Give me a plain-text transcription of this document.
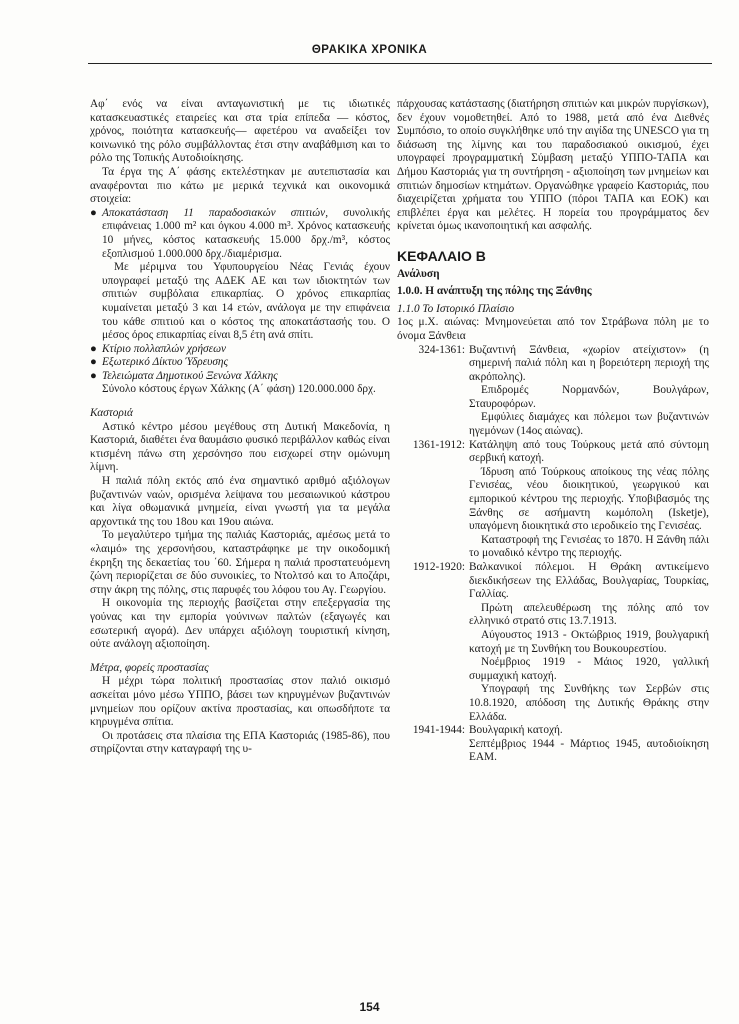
ΘΡΑΚΙΚΑ ΧΡΟΝΙΚΑ

Αφ΄ ενός να είναι ανταγωνιστική με τις ιδιωτικές κατασκευαστικές εταιρείες και στα τρία επίπεδα — κόστος, χρόνος, ποιότητα κατασκευής— αφετέρου να αναδείξει τον κοινωνικό της ρόλο συμβάλλοντας έτσι στην αναβάθμιση και το ρόλο της Τοπικής Αυτοδιοίκησης.

Τα έργα της Α΄ φάσης εκτελέστηκαν με αυτεπιστασία και αναφέρονται πιο κάτω με μερικά τεχνικά και οικονομικά στοιχεία:

● Αποκατάσταση 11 παραδοσιακών σπιτιών, συνολικής επιφάνειας 1.000 m² και όγκου 4.000 m³. Χρόνος κατασκευής 10 μήνες, κόστος κατασκευής 15.000 δρχ./m³, κόστος εξοπλισμού 1.000.000 δρχ./διαμέρισμα.

Με μέριμνα του Υφυπουργείου Νέας Γενιάς έχουν υπογραφεί μεταξύ της ΑΔΕΚ ΑΕ και των ιδιοκτητών των σπιτιών συμβόλαια επικαρπίας. Ο χρόνος επικαρπίας κυμαίνεται μεταξύ 3 και 14 ετών, ανάλογα με την επιφάνεια του κάθε σπιτιού και ο κόστος της αποκατάστασής του. Ο μέσος όρος επικαρπίας είναι 8,5 έτη ανά σπίτι.

● Κτίριο πολλαπλών χρήσεων

● Εξωτερικό Δίκτυο Ύδρευσης

● Τελειώματα Δημοτικού Ξενώνα Χάλκης

Σύνολο κόστους έργων Χάλκης (Α΄ φάση) 120.000.000 δρχ.

Καστοριά

Αστικό κέντρο μέσου μεγέθους στη Δυτική Μακεδονία, η Καστοριά, διαθέτει ένα θαυμάσιο φυσικό περιβάλλον καθώς είναι κτισμένη πάνω στη χερσόνησο που εισχωρεί στην ομώνυμη λίμνη.

Η παλιά πόλη εκτός από ένα σημαντικό αριθμό αξιόλογων βυζαντινών ναών, ορισμένα λείψανα του μεσαιωνικού κάστρου και λίγα οθωμανικά μνημεία, είναι γνωστή για τα μεγάλα αρχοντικά της του 18ου και 19ου αιώνα.

Το μεγαλύτερο τμήμα της παλιάς Καστοριάς, αμέσως μετά το «λαιμό» της χερσονήσου, καταστράφηκε με την οικοδομική έκρηξη της δεκαετίας του ΄60. Σήμερα η παλιά προστατευόμενη ζώνη περιορίζεται σε δύο συνοικίες, το Ντολτσό και το Αποζάρι, στην άκρη της πόλης, στις παρυφές του λόφου του Αγ. Γεωργίου.

Η οικονομία της περιοχής βασίζεται στην επεξεργασία της γούνας και την εμπορία γούνινων παλτών (εξαγωγές και εσωτερική αγορά). Δεν υπάρχει αξιόλογη τουριστική κίνηση, ούτε ανάλογη αξιοποίηση.

Μέτρα, φορείς προστασίας

Η μέχρι τώρα πολιτική προστασίας στον παλιό οικισμό ασκείται μόνο μέσω ΥΠΠΟ, βάσει των κηρυγμένων βυζαντινών μνημείων που ορίζουν ακτίνα προστασίας, και οπωσδήποτε τα κηρυγμένα σπίτια.

Οι προτάσεις στα πλαίσια της ΕΠΑ Καστοριάς (1985-86), που στηρίζονται στην καταγραφή της υ-

πάρχουσας κατάστασης (διατήρηση σπιτιών και μικρών πυργίσκων), δεν έχουν νομοθετηθεί. Από το 1988, μετά από ένα Διεθνές Συμπόσιο, το οποίο συγκλήθηκε υπό την αιγίδα της UNESCO για τη διάσωση της λίμνης και του παραδοσιακού οικισμού, έχει υπογραφεί προγραμματική Σύμβαση μεταξύ ΥΠΠΟ-ΤΑΠΑ και Δήμου Καστοριάς για τη συντήρηση - αξιοποίηση των μνημείων και σπιτιών δημοσίων κτημάτων. Οργανώθηκε γραφείο Καστοριάς, που διαχειρίζεται χρήματα του ΥΠΠΟ (πόροι ΤΑΠΑ και ΕΟΚ) και επιβλέπει έργα και μελέτες. Η πορεία του προγράμματος δεν κρίνεται όμως ικανοποιητική και ασφαλής.

ΚΕΦΑΛΑΙΟ Β

Ανάλυση

1.0.0. Η ανάπτυξη της πόλης της Ξάνθης

1.1.0 Το Ιστορικό Πλαίσιο

1ος μ.Χ. αιώνας: Μνημονεύεται από τον Στράβωνα πόλη με το όνομα Ξάνθεια

324-1361: Βυζαντινή Ξάνθεια, «χωρίον ατείχιστον» (η σημερινή παλιά πόλη και η βορειότερη περιοχή της ακρόπολης).

Επιδρομές Νορμανδών, Βουλγάρων, Σταυροφόρων.

Εμφύλιες διαμάχες και πόλεμοι των βυζαντινών ηγεμόνων (14ος αιώνας).

1361-1912: Κατάληψη από τους Τούρκους μετά από σύντομη σερβική κατοχή.

Ίδρυση από Τούρκους αποίκους της νέας πόλης Γενισέας, νέου διοικητικού, γεωργικού και εμπορικού κέντρου της περιοχής. Υποβιβασμός της Ξάνθης σε ασήμαντη κωμόπολη (Isketje), υπαγόμενη διοικητικά στο ιεροδικείο της Γενισέας.

Καταστροφή της Γενισέας το 1870. Η Ξάνθη πάλι το μοναδικό κέντρο της περιοχής.

1912-1920: Βαλκανικοί πόλεμοι. Η Θράκη αντικείμενο διεκδικήσεων της Ελλάδας, Βουλγαρίας, Τουρκίας, Γαλλίας.

Πρώτη απελευθέρωση της πόλης από τον ελληνικό στρατό στις 13.7.1913.

Αύγουστος 1913 - Οκτώβριος 1919, βουλγαρική κατοχή με τη Συνθήκη του Βουκουρεστίου.

Νοέμβριος 1919 - Μάιος 1920, γαλλική συμμαχική κατοχή.

Υπογραφή της Συνθήκης των Σερβών στις 10.8.1920, απόδοση της Δυτικής Θράκης στην Ελλάδα.

1941-1944: Βουλγαρική κατοχή.

Σεπτέμβριος 1944 - Μάρτιος 1945, αυτοδιοίκηση ΕΑΜ.

154
